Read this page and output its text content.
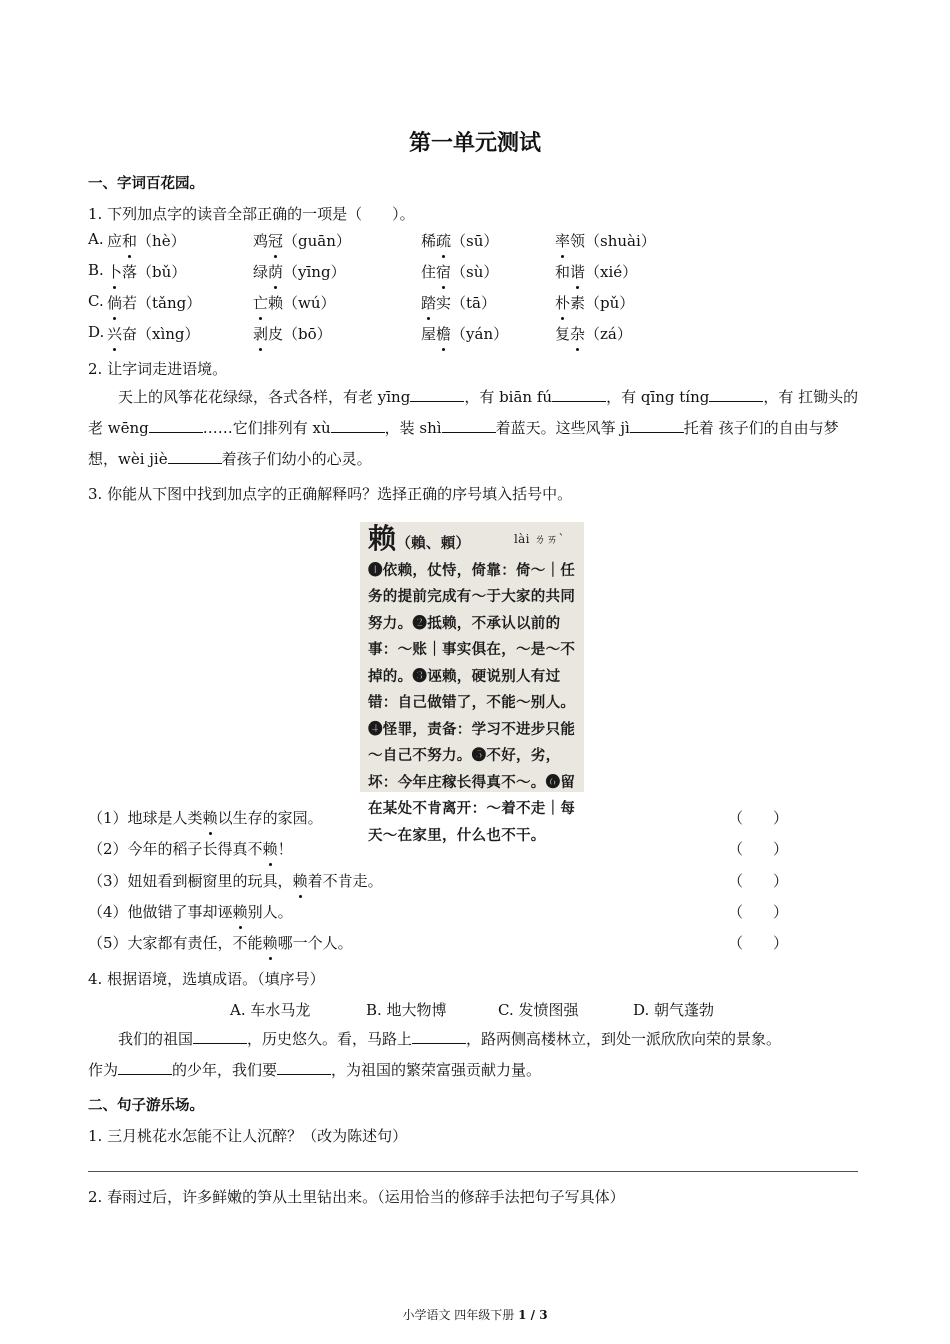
第一单元测试
一、字词百花园。
1. 下列加点字的读音全部正确的一项是（　　）。
A. 应和（hè）	鸡冠（guān）	稀疏（sū）	率领（shuài）
B. 卜落（bǔ）	绿荫（yīng）	住宿（sù）	和谐（xié）
C. 倘若（tǎng）	亡赖（wú）	踏实（tā）	朴素（pǔ）
D. 兴奋（xìng）	剥皮（bō）	屋檐（yán）	复杂（zá）
2. 让字词走进语境。
天上的风筝花花绿绿，各式各样，有老 yīng	，有 biān fú	，有 qīng tíng	，有 扛锄头的老 wēng	……它们排列有 xù	，装 shì	着蓝天。这些风筝 jì	托着 孩子们的自由与梦想，wèi jiè	着孩子们幼小的心灵。
3. 你能从下图中找到加点字的正确解释吗？选择正确的序号填入括号中。
赖（賴、頼）	lài ㄌㄞˋ

❶依赖，仗恃，倚靠：倚～｜任务的提前完成有～于大家的共同努力。❷抵赖，不承认以前的事：～账｜事实俱在，～是～不掉的。❸诬赖，硬说别人有过错：自己做错了，不能～别人。❹怪罪，责备：学习不进步只能～自己不努力。❺不好，劣，坏：今年庄稼长得真不～。❻留在某处不肯离开：～着不走｜每天～在家里，什么也不干。
（1）地球是人类赖以生存的家园。	（　　）
（2）今年的稻子长得真不赖！	（　　）
（3）妞妞看到橱窗里的玩具，赖着不肯走。	（　　）
（4）他做错了事却诬赖别人。	（　　）
（5）大家都有责任，不能赖哪一个人。	（　　）
4. 根据语境，选填成语。（填序号）
A. 车水马龙	B. 地大物博	C. 发愤图强	D. 朝气蓬勃
我们的祖国	，历史悠久。看，马路上	，路两侧高楼林立，到处一派欣欣向荣的景象。
作为	的少年，我们要	，为祖国的繁荣富强贡献力量。
二、句子游乐场。
1. 三月桃花水怎能不让人沉醉？（改为陈述句）
2. 春雨过后，许多鲜嫩的笋从土里钻出来。（运用恰当的修辞手法把句子写具体）
小学语文 四年级下册 1 / 3
